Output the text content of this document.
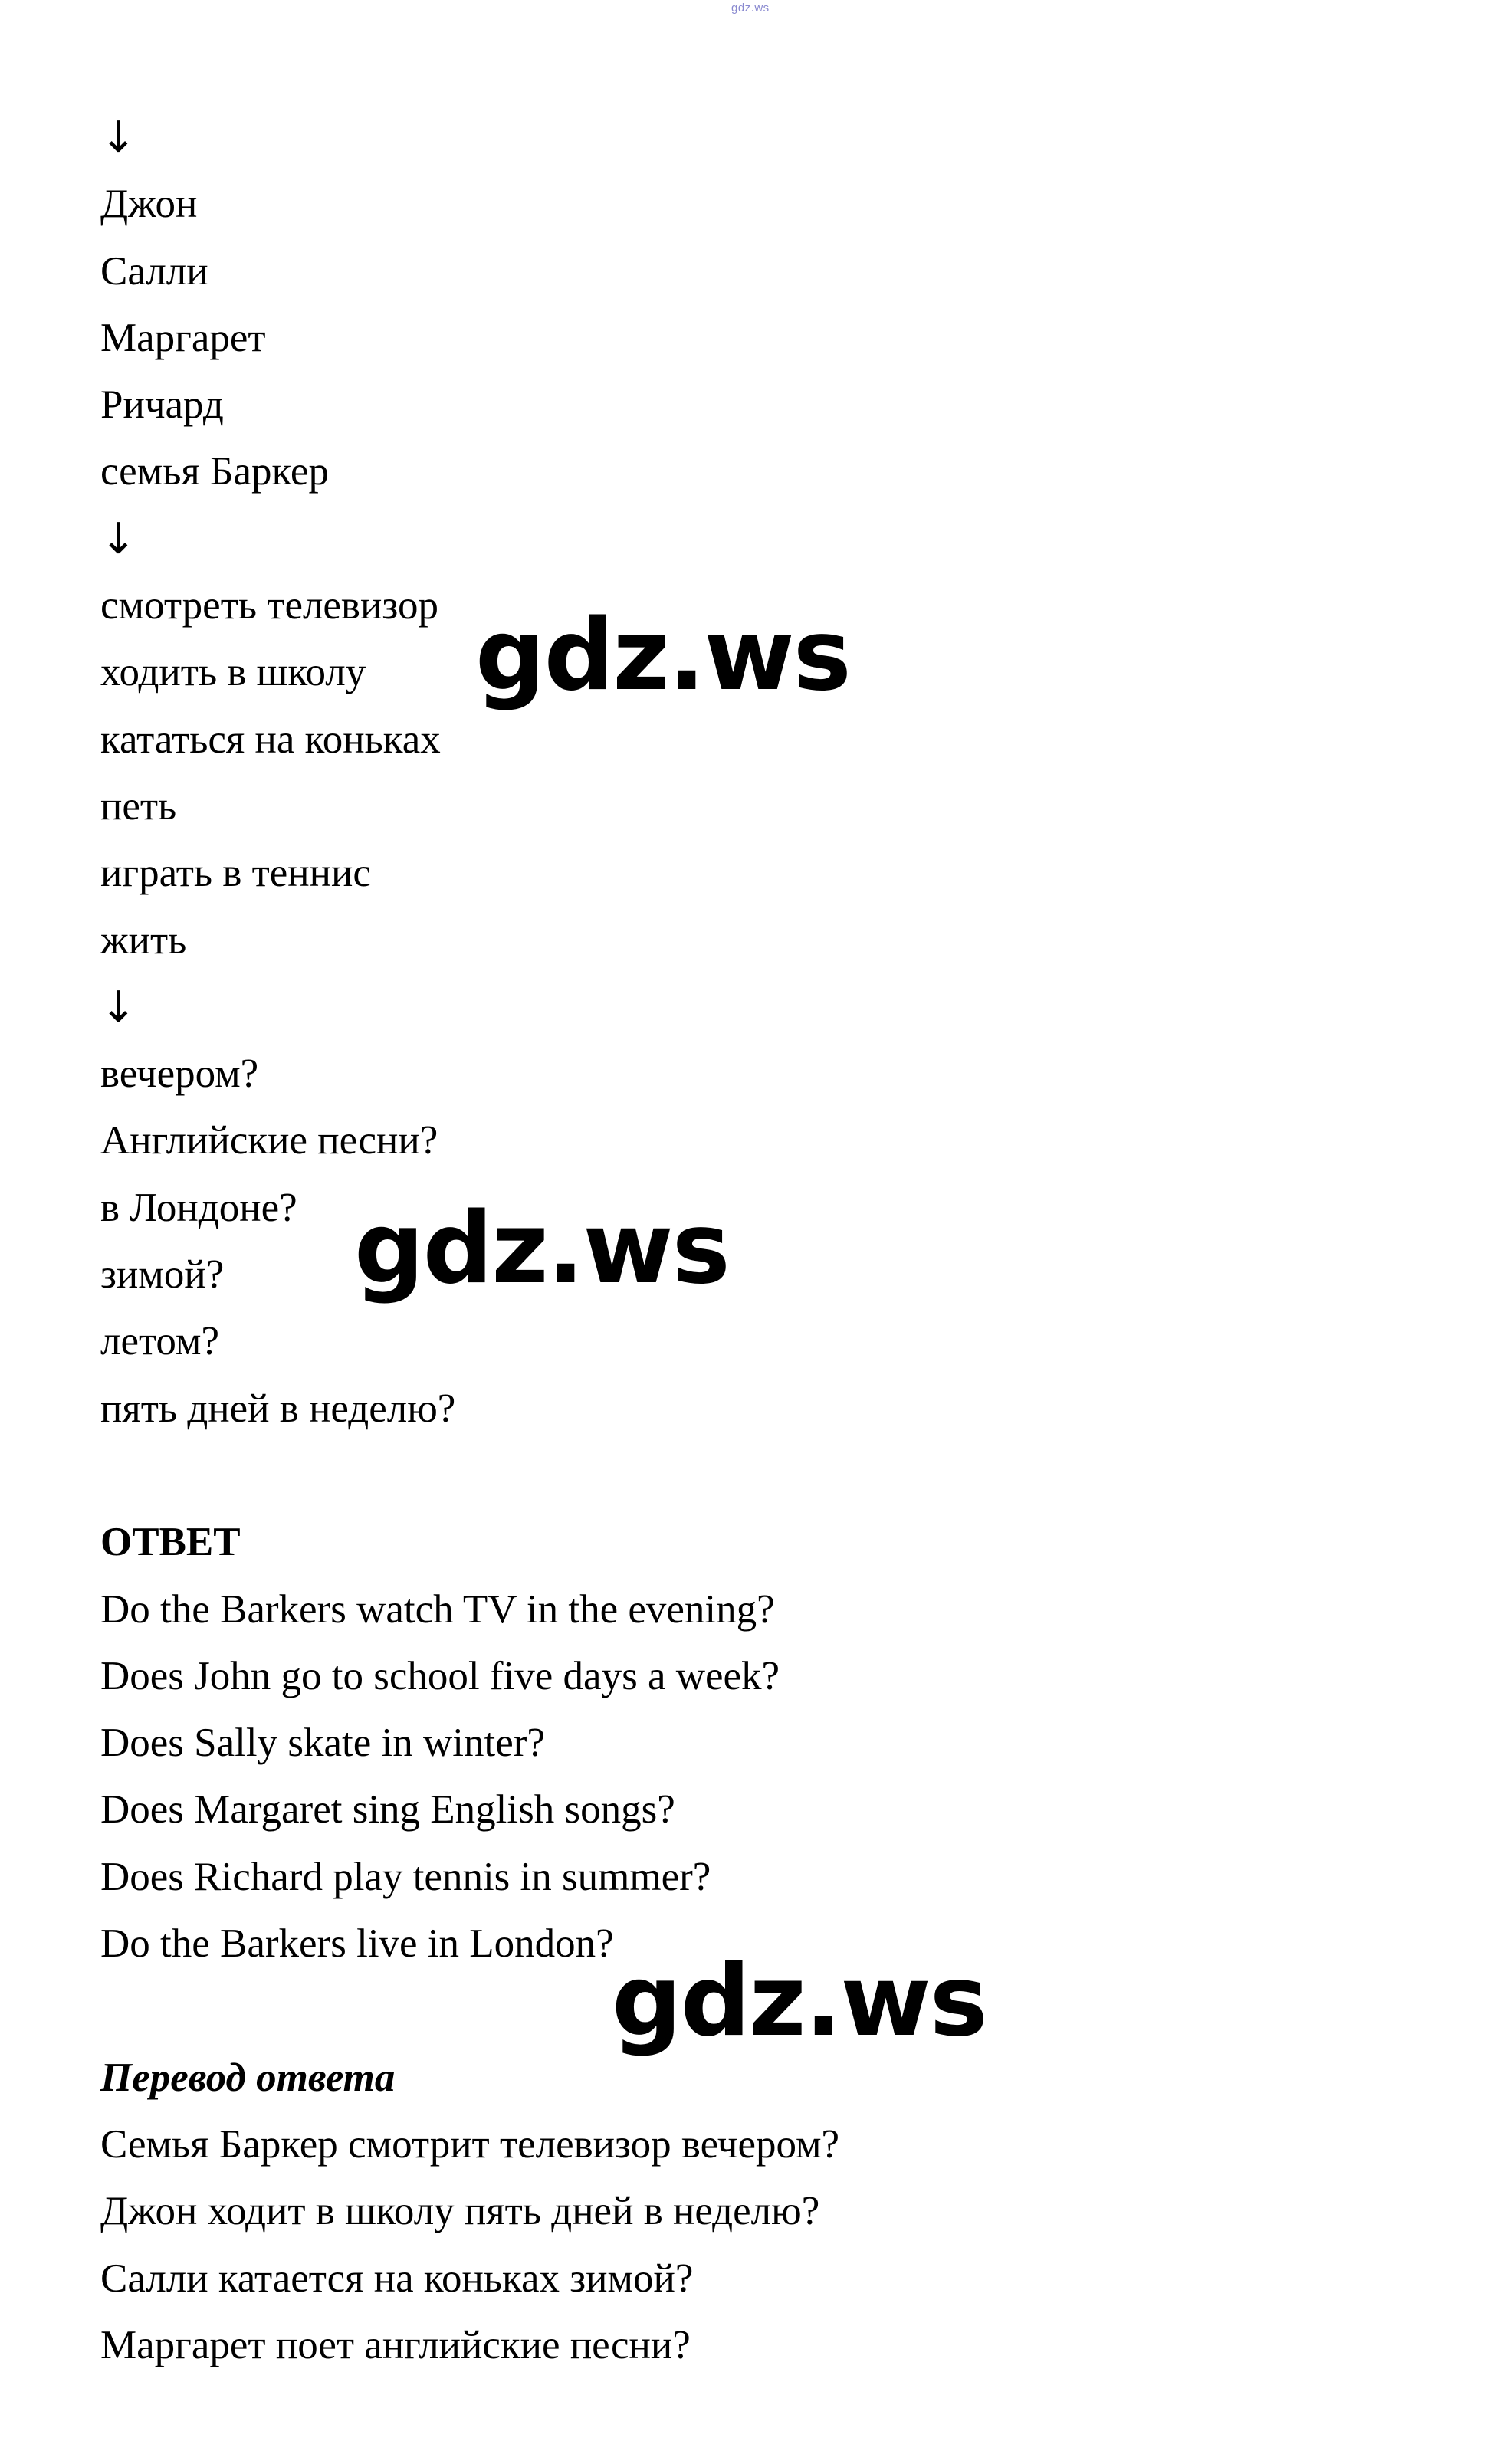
gdz.ws
↓
Джон
Салли
Маргарет
Ричард
семья Баркер
↓
смотреть телевизор
ходить в школу
кататься на коньках
петь
играть в теннис
жить
↓
вечером?
Английские песни?
в Лондоне?
зимой?
летом?
пять дней в неделю?
ОТВЕТ
Do the Barkers watch TV in the evening?
Does John go to school five days a week?
Does Sally skate in winter?
Does Margaret sing English songs?
Does Richard play tennis in summer?
Do the Barkers live in London?
Перевод ответа
Семья Баркер смотрит телевизор вечером?
Джон ходит в школу пять дней в неделю?
Салли катается на коньках зимой?
Маргарет поет английские песни?
gdz.ws
gdz.ws
gdz.ws
